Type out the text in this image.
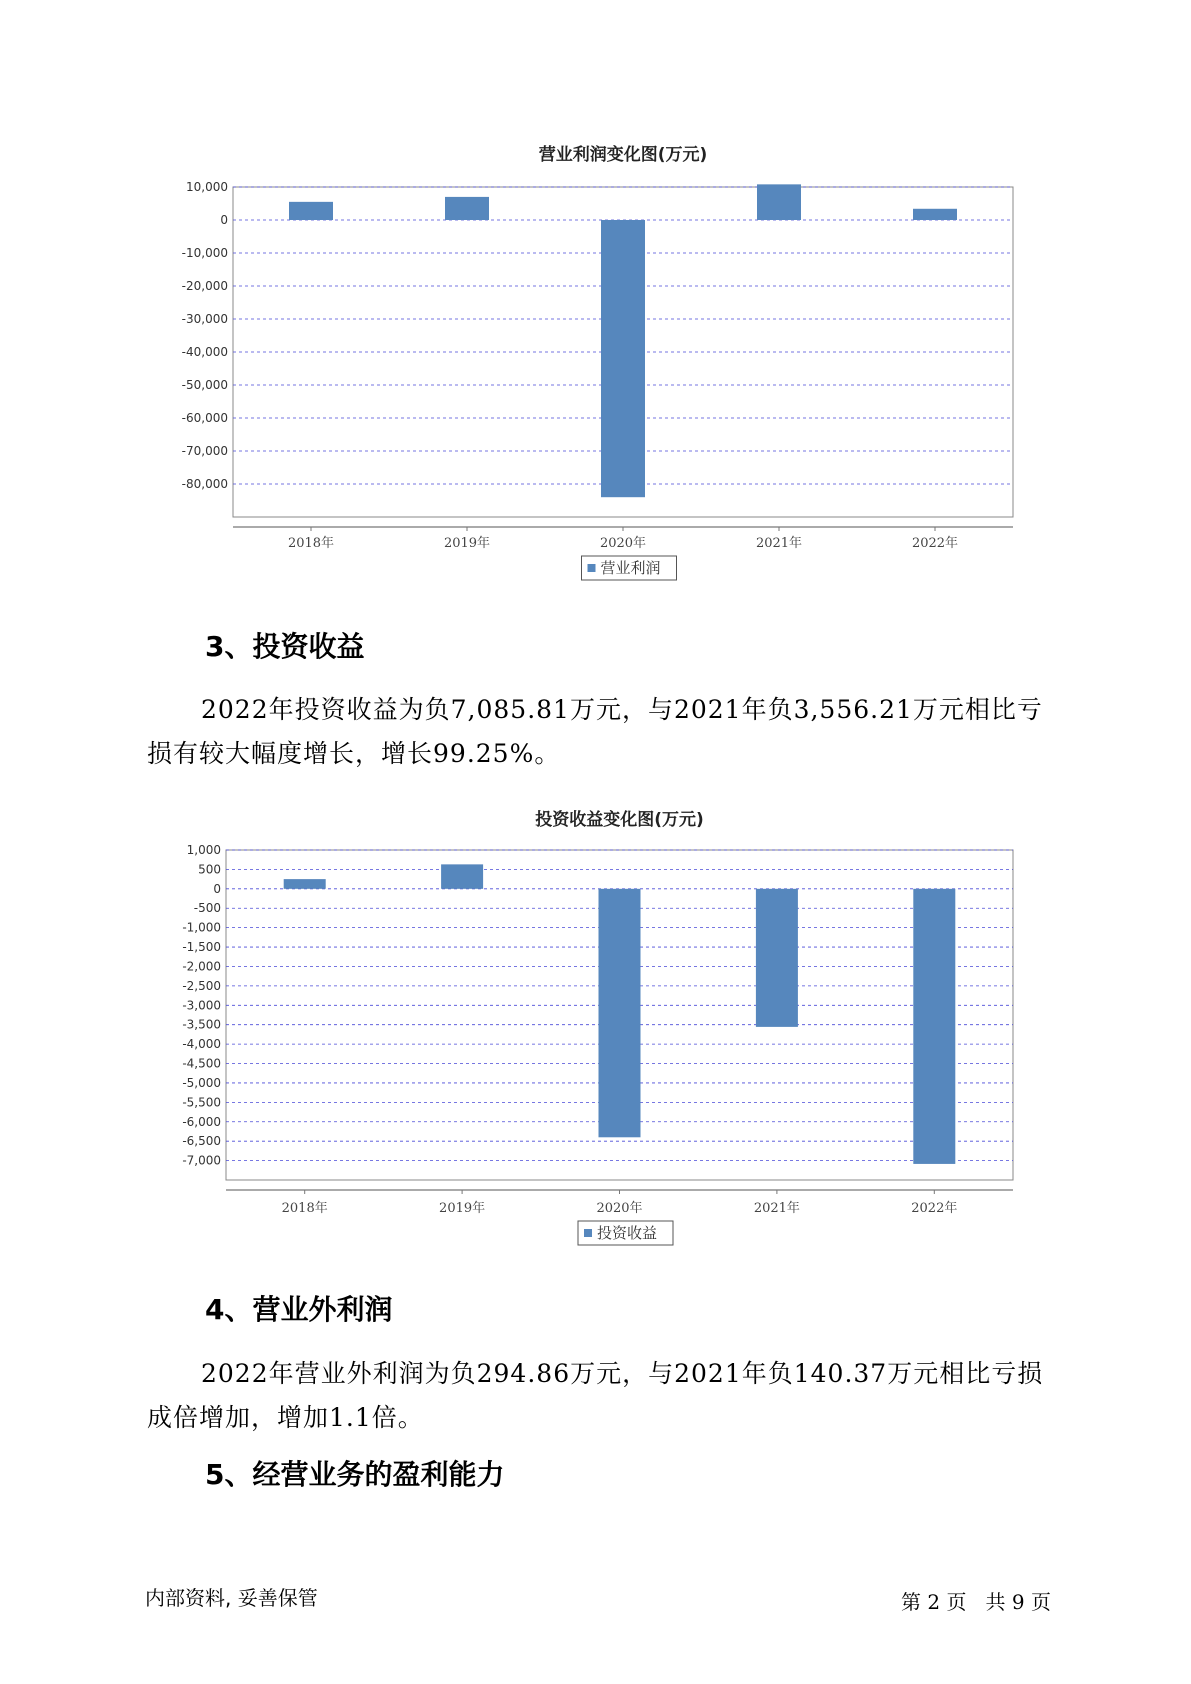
营业利润变化图(万元)
10,000
0
-10,000
-20,000
-30,000
-40,000
-50,000
-60,000
-70,000
-80,000
2018年	2019年	2020年	2021年	2022年
营业利润
3、投资收益

2022年投资收益为负7,085.81万元，与2021年负3,556.21万元相比亏损有较大幅度增长，增长99.25%。

投资收益变化图(万元)
1,000
500
0
-500
-1,000
-1,500
-2,000
-2,500
-3,000
-3,500
-4,000
-4,500
-5,000
-5,500
-6,000
-6,500
-7,000
2018年	2019年	2020年	2021年	2022年
投资收益
4、营业外利润

2022年营业外利润为负294.86万元，与2021年负140.37万元相比亏损成倍增加，增加1.1倍。

5、经营业务的盈利能力
内部资料, 妥善保管	第 2 页   共 9 页
